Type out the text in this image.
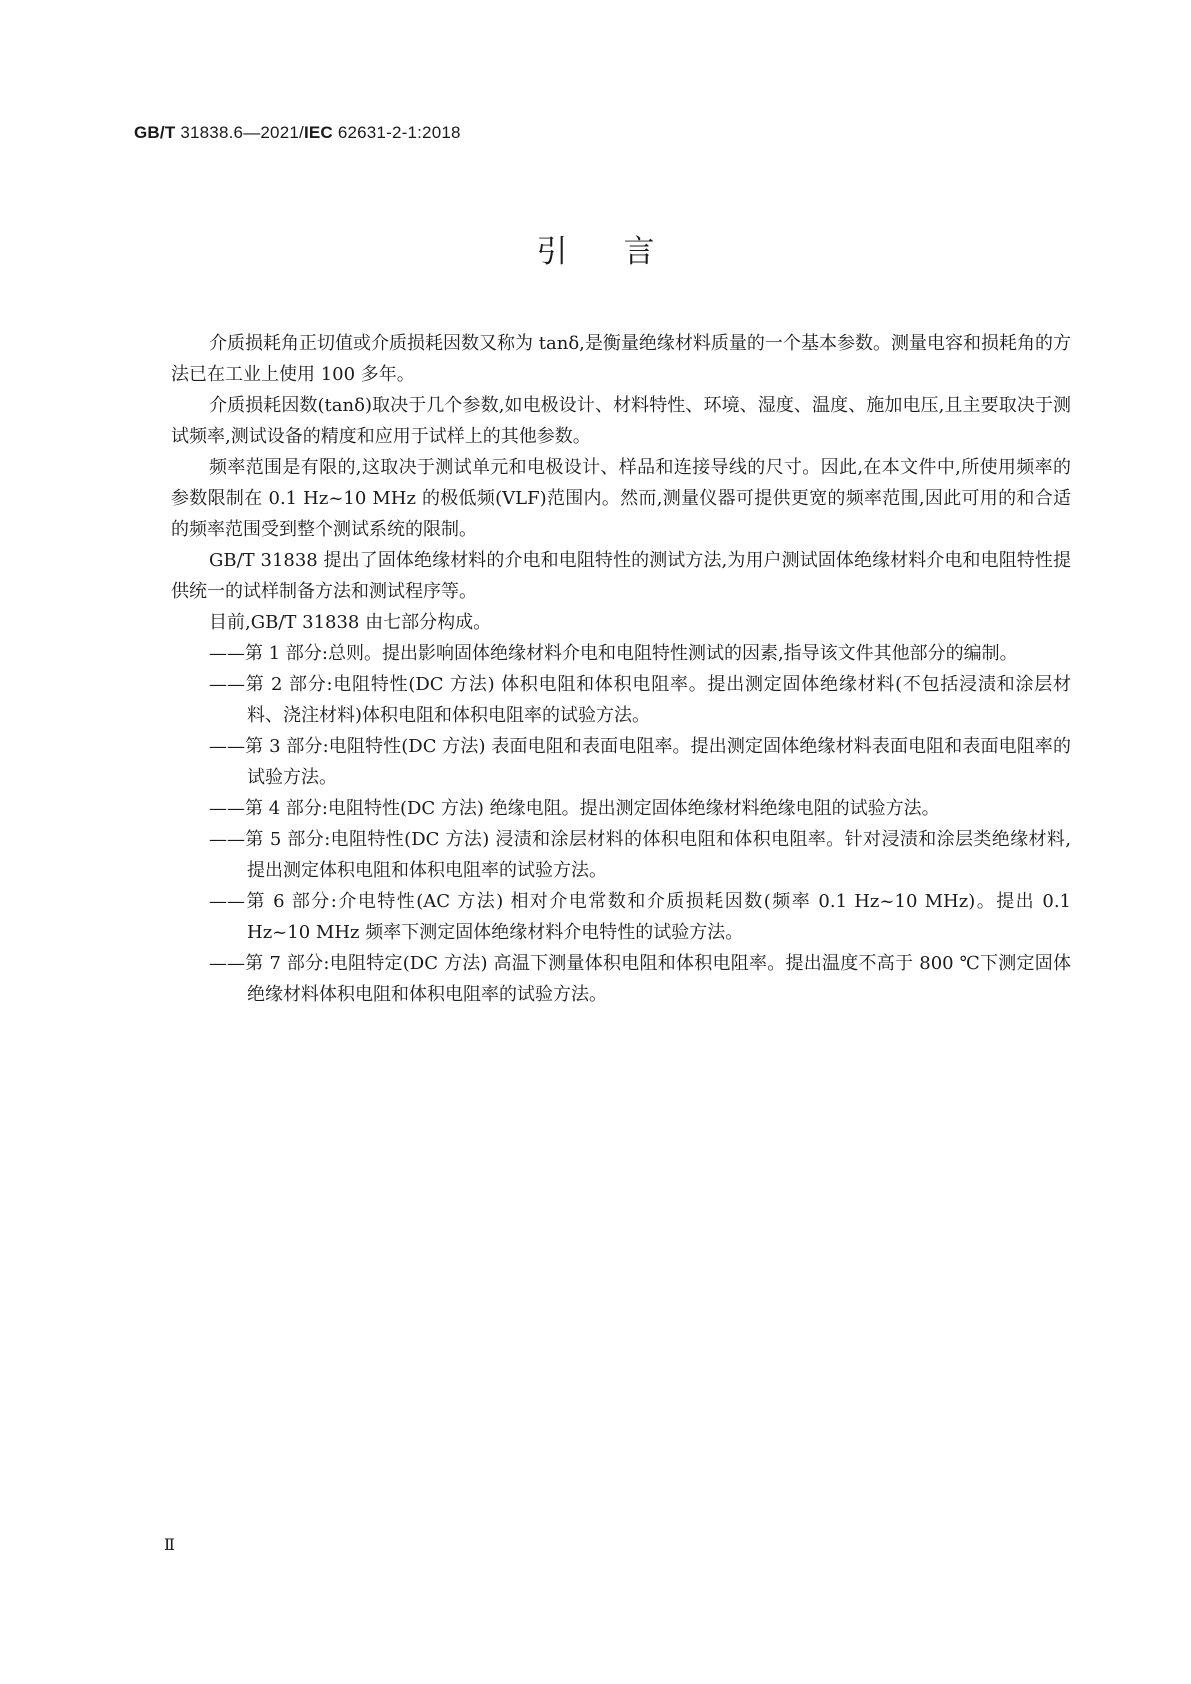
GB/T 31838.6—2021/IEC 62631-2-1:2018
引言

介质损耗角正切值或介质损耗因数又称为 tanδ,是衡量绝缘材料质量的一个基本参数。测量电容和损耗角的方法已在工业上使用 100 多年。

介质损耗因数(tanδ)取决于几个参数,如电极设计、材料特性、环境、湿度、温度、施加电压,且主要取决于测试频率,测试设备的精度和应用于试样上的其他参数。

频率范围是有限的,这取决于测试单元和电极设计、样品和连接导线的尺寸。因此,在本文件中,所使用频率的参数限制在 0.1 Hz~10 MHz 的极低频(VLF)范围内。然而,测量仪器可提供更宽的频率范围,因此可用的和合适的频率范围受到整个测试系统的限制。

GB/T 31838 提出了固体绝缘材料的介电和电阻特性的测试方法,为用户测试固体绝缘材料介电和电阻特性提供统一的试样制备方法和测试程序等。

目前,GB/T 31838 由七部分构成。

——第 1 部分:总则。提出影响固体绝缘材料介电和电阻特性测试的因素,指导该文件其他部分的编制。
——第 2 部分:电阻特性(DC 方法) 体积电阻和体积电阻率。提出测定固体绝缘材料(不包括浸渍和涂层材料、浇注材料)体积电阻和体积电阻率的试验方法。
——第 3 部分:电阻特性(DC 方法) 表面电阻和表面电阻率。提出测定固体绝缘材料表面电阻和表面电阻率的试验方法。
——第 4 部分:电阻特性(DC 方法) 绝缘电阻。提出测定固体绝缘材料绝缘电阻的试验方法。
——第 5 部分:电阻特性(DC 方法) 浸渍和涂层材料的体积电阻和体积电阻率。针对浸渍和涂层类绝缘材料,提出测定体积电阻和体积电阻率的试验方法。
——第 6 部分:介电特性(AC 方法) 相对介电常数和介质损耗因数(频率 0.1 Hz~10 MHz)。提出 0.1 Hz~10 MHz 频率下测定固体绝缘材料介电特性的试验方法。
——第 7 部分:电阻特定(DC 方法) 高温下测量体积电阻和体积电阻率。提出温度不高于 800 ℃下测定固体绝缘材料体积电阻和体积电阻率的试验方法。
Ⅱ
